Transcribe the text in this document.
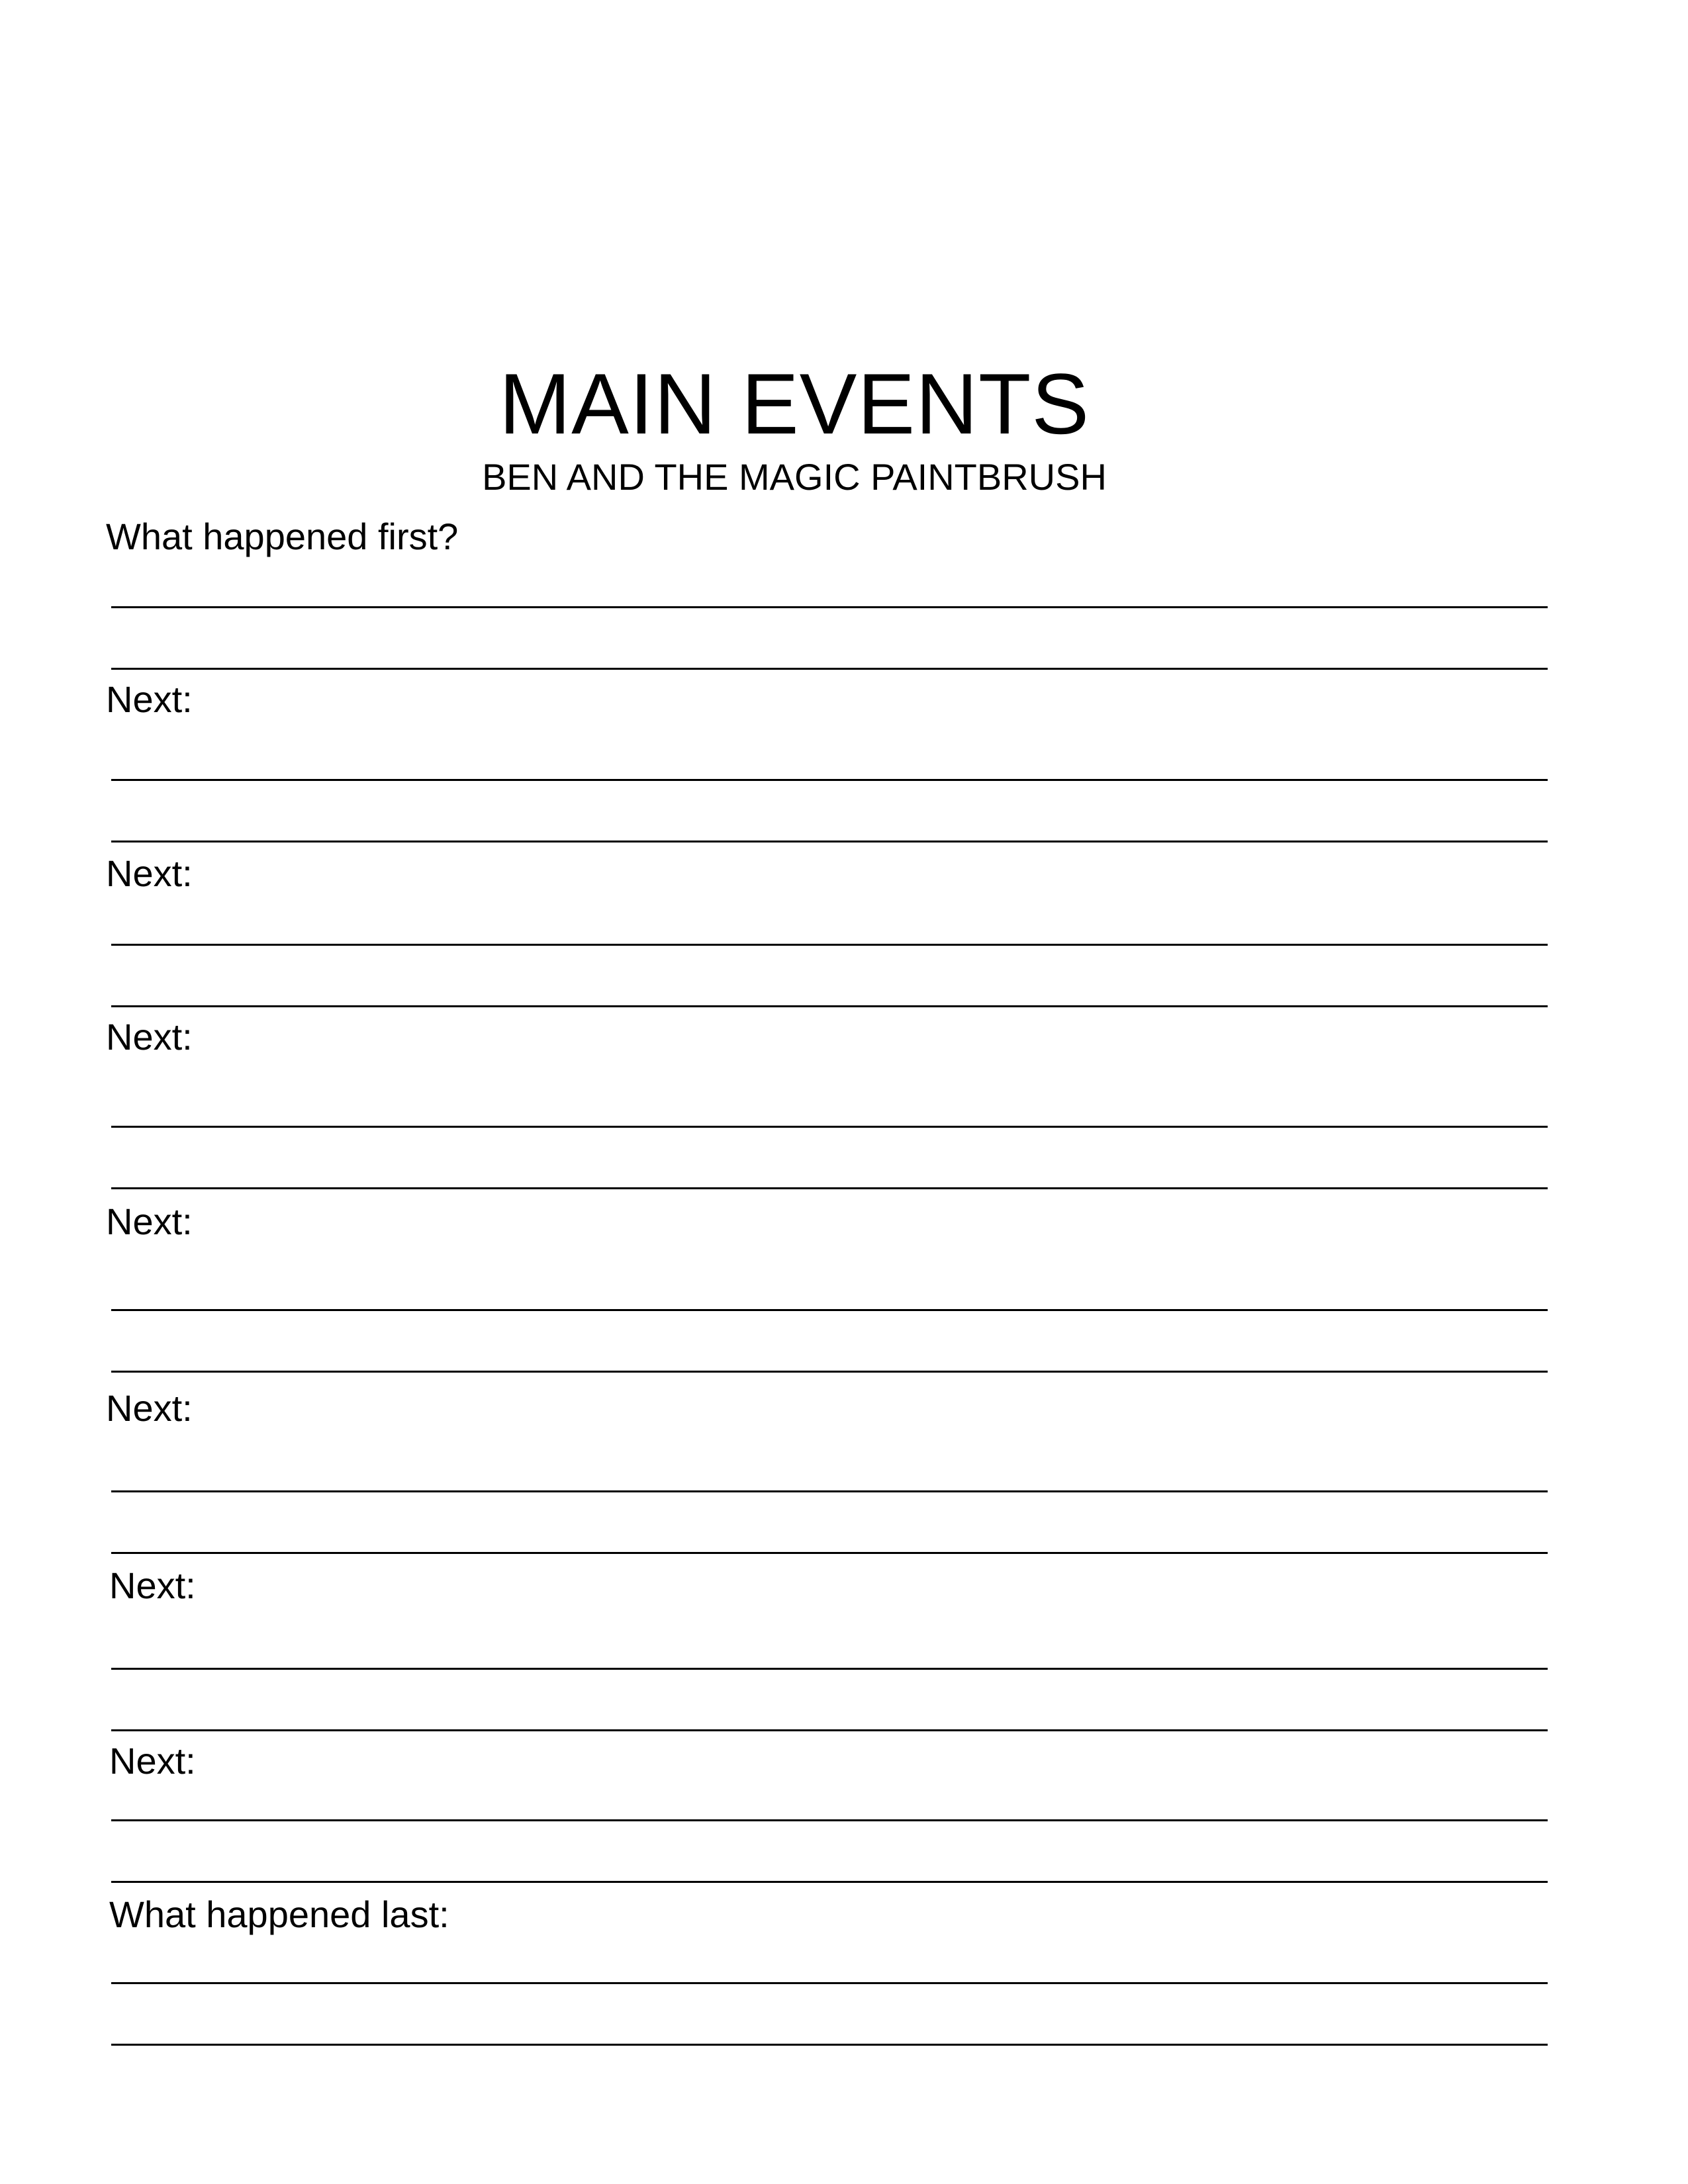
MAIN EVENTS
BEN AND THE MAGIC PAINTBRUSH
What happened first?
Next:
Next:
Next:
Next:
Next:
Next:
Next:
What happened last:
